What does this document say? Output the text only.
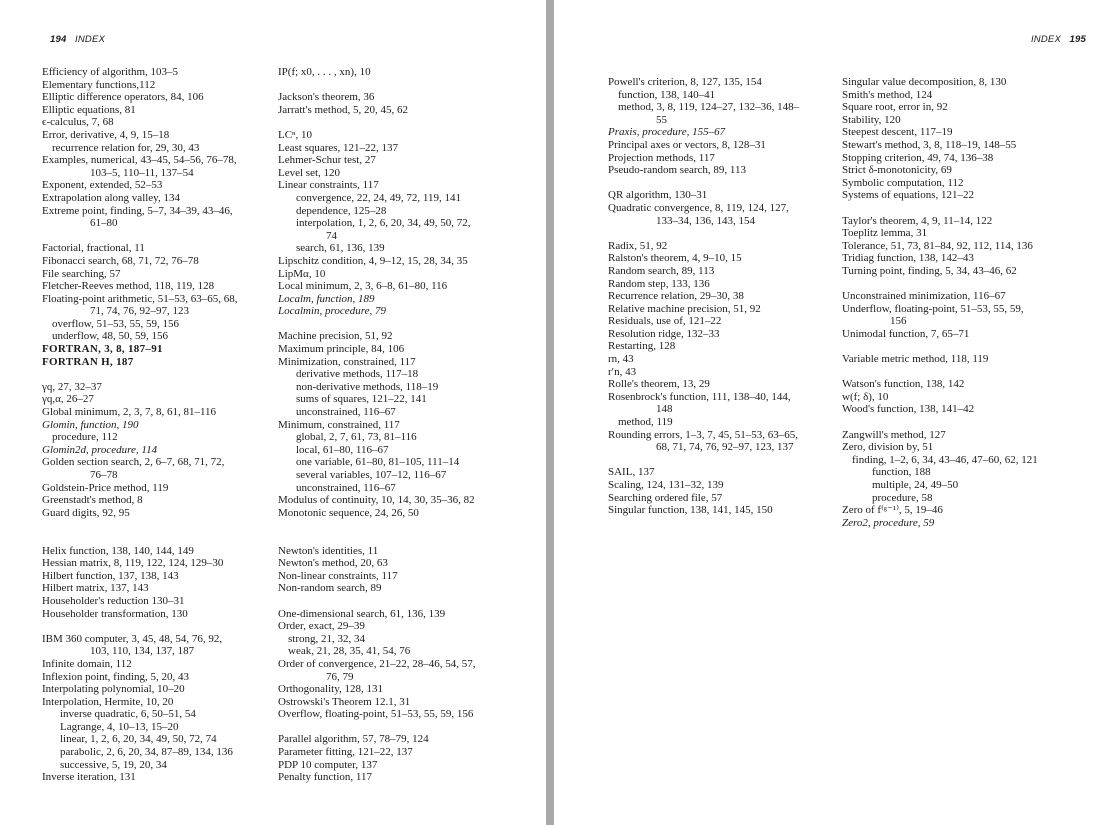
194 INDEX
Efficiency of algorithm, 103–5
Elementary functions,112
Elliptic difference operators, 84, 106
Elliptic equations, 81
ϵ-calculus, 7, 68
Error, derivative, 4, 9, 15–18
recurrence relation for, 29, 30, 43
Examples, numerical, 43–45, 54–56, 76–78,
103–5, 110–11, 137–54
Exponent, extended, 52–53
Extrapolation along valley, 134
Extreme point, finding, 5–7, 34–39, 43–46,
61–80
Factorial, fractional, 11
Fibonacci search, 68, 71, 72, 76–78
File searching, 57
Fletcher-Reeves method, 118, 119, 128
Floating-point arithmetic, 51–53, 63–65, 68,
71, 74, 76, 92–97, 123
overflow, 51–53, 55, 59, 156
underflow, 48, 50, 59, 156
FORTRAN, 3, 8, 187–91
FORTRAN H, 187
γq, 27, 32–37
γq,α, 26–27
Global minimum, 2, 3, 7, 8, 61, 81–116
Glomin, function, 190
procedure, 112
Glomin2d, procedure, 114
Golden section search, 2, 6–7, 68, 71, 72,
76–78
Goldstein-Price method, 119
Greenstadt's method, 8
Guard digits, 92, 95
Helix function, 138, 140, 144, 149
Hessian matrix, 8, 119, 122, 124, 129–30
Hilbert function, 137, 138, 143
Hilbert matrix, 137, 143
Householder's reduction 130–31
Householder transformation, 130
IBM 360 computer, 3, 45, 48, 54, 76, 92,
103, 110, 134, 137, 187
Infinite domain, 112
Inflexion point, finding, 5, 20, 43
Interpolating polynomial, 10–20
Interpolation, Hermite, 10, 20
inverse quadratic, 6, 50–51, 54
Lagrange, 4, 10–13, 15–20
linear, 1, 2, 6, 20, 34, 49, 50, 72, 74
parabolic, 2, 6, 20, 34, 87–89, 134, 136
successive, 5, 19, 20, 34
Inverse iteration, 131
IP(f; x0, . . . , xn), 10
Jackson's theorem, 36
Jarratt's method, 5, 20, 45, 62
LCⁿ, 10
Least squares, 121–22, 137
Lehmer-Schur test, 27
Level set, 120
Linear constraints, 117
convergence, 22, 24, 49, 72, 119, 141
dependence, 125–28
interpolation, 1, 2, 6, 20, 34, 49, 50, 72,
74
search, 61, 136, 139
Lipschitz condition, 4, 9–12, 15, 28, 34, 35
LipMα, 10
Local minimum, 2, 3, 6–8, 61–80, 116
Localm, function, 189
Localmin, procedure, 79
Machine precision, 51, 92
Maximum principle, 84, 106
Minimization, constrained, 117
derivative methods, 117–18
non-derivative methods, 118–19
sums of squares, 121–22, 141
unconstrained, 116–67
Minimum, constrained, 117
global, 2, 7, 61, 73, 81–116
local, 61–80, 116–67
one variable, 61–80, 81–105, 111–14
several variables, 107–12, 116–67
unconstrained, 116–67
Modulus of continuity, 10, 14, 30, 35–36, 82
Monotonic sequence, 24, 26, 50
Newton's identities, 11
Newton's method, 20, 63
Non-linear constraints, 117
Non-random search, 89
One-dimensional search, 61, 136, 139
Order, exact, 29–39
strong, 21, 32, 34
weak, 21, 28, 35, 41, 54, 76
Order of convergence, 21–22, 28–46, 54, 57,
76, 79
Orthogonality, 128, 131
Ostrowski's Theorem 12.1, 31
Overflow, floating-point, 51–53, 55, 59, 156
Parallel algorithm, 57, 78–79, 124
Parameter fitting, 121–22, 137
PDP 10 computer, 137
Penalty function, 117
INDEX 195
Powell's criterion, 8, 127, 135, 154
function, 138, 140–41
method, 3, 8, 119, 124–27, 132–36, 148–
55
Praxis, procedure, 155–67
Principal axes or vectors, 8, 128–31
Projection methods, 117
Pseudo-random search, 89, 113
QR algorithm, 130–31
Quadratic convergence, 8, 119, 124, 127,
133–34, 136, 143, 154
Radix, 51, 92
Ralston's theorem, 4, 9–10, 15
Random search, 89, 113
Random step, 133, 136
Recurrence relation, 29–30, 38
Relative machine precision, 51, 92
Residuals, use of, 121–22
Resolution ridge, 132–33
Restarting, 128
rn, 43
r′n, 43
Rolle's theorem, 13, 29
Rosenbrock's function, 111, 138–40, 144,
148
method, 119
Rounding errors, 1–3, 7, 45, 51–53, 63–65,
68, 71, 74, 76, 92–97, 123, 137
SAIL, 137
Scaling, 124, 131–32, 139
Searching ordered file, 57
Singular function, 138, 141, 145, 150
Singular value decomposition, 8, 130
Smith's method, 124
Square root, error in, 92
Stability, 120
Steepest descent, 117–19
Stewart's method, 3, 8, 118–19, 148–55
Stopping criterion, 49, 74, 136–38
Strict δ-monotonicity, 69
Symbolic computation, 112
Systems of equations, 121–22
Taylor's theorem, 4, 9, 11–14, 122
Toeplitz lemma, 31
Tolerance, 51, 73, 81–84, 92, 112, 114, 136
Tridiag function, 138, 142–43
Turning point, finding, 5, 34, 43–46, 62
Unconstrained minimization, 116–67
Underflow, floating-point, 51–53, 55, 59,
156
Unimodal function, 7, 65–71
Variable metric method, 118, 119
Watson's function, 138, 142
w(f; δ), 10
Wood's function, 138, 141–42
Zangwill's method, 127
Zero, division by, 51
finding, 1–2, 6, 34, 43–46, 47–60, 62, 121
function, 188
multiple, 24, 49–50
procedure, 58
Zero of f⁽ᵍ⁻¹⁾, 5, 19–46
Zero2, procedure, 59
